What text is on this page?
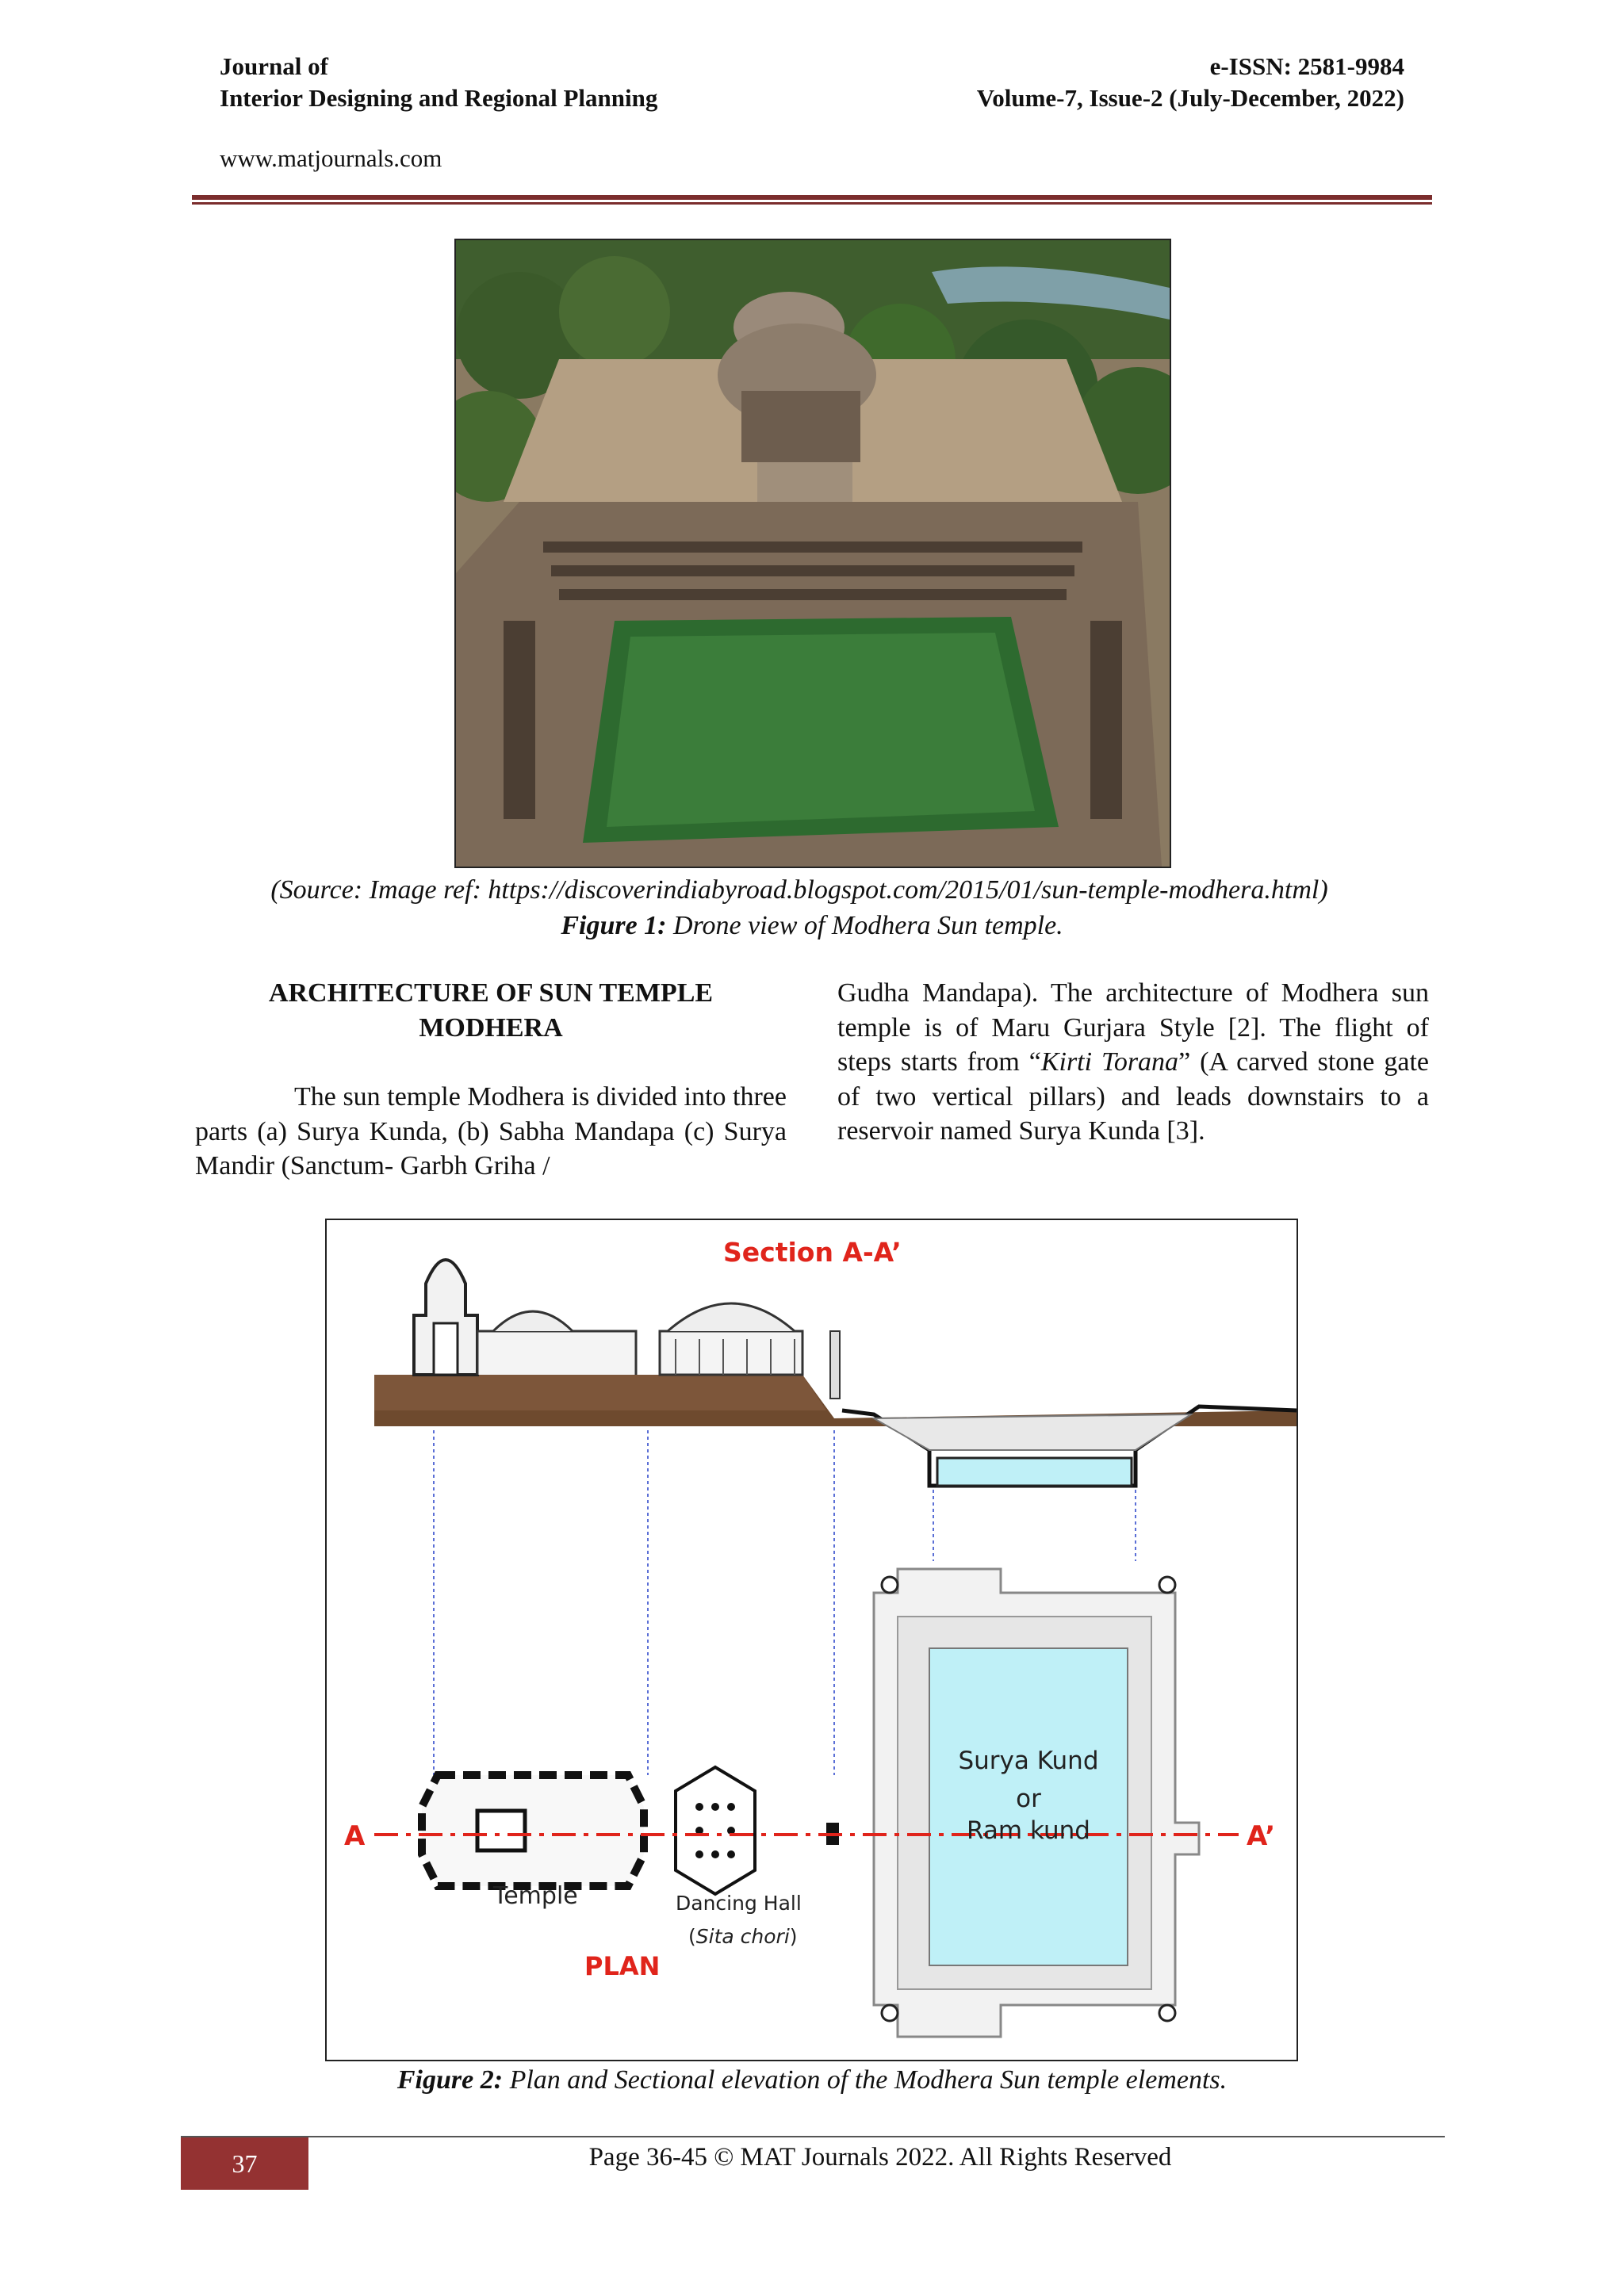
Journal of
Interior Designing and Regional Planning
e-ISSN: 2581-9984
Volume-7, Issue-2 (July-December, 2022)
www.matjournals.com
(Source: Image ref: https://discoverindiabyroad.blogspot.com/2015/01/sun-temple-modhera.html)
Figure 1: Drone view of Modhera Sun temple.
ARCHITECTURE OF SUN TEMPLE
MODHERA

The sun temple Modhera is divided into three parts (a) Surya Kunda, (b) Sabha Mandapa (c) Surya Mandir (Sanctum- Garbh Griha /

Gudha Mandapa). The architecture of Modhera sun temple is of Maru Gurjara Style [2]. The flight of steps starts from “Kirti Torana” (A carved stone gate of two vertical pillars) and leads downstairs to a reservoir named Surya Kunda [3].

Section A-A’
A	A’
Surya Kund
or
Ram kund
Temple	Dancing Hall
(Sita chori)
PLAN
Figure 2: Plan and Sectional elevation of the Modhera Sun temple elements.
37	Page 36-45 © MAT Journals 2022. All Rights Reserved
